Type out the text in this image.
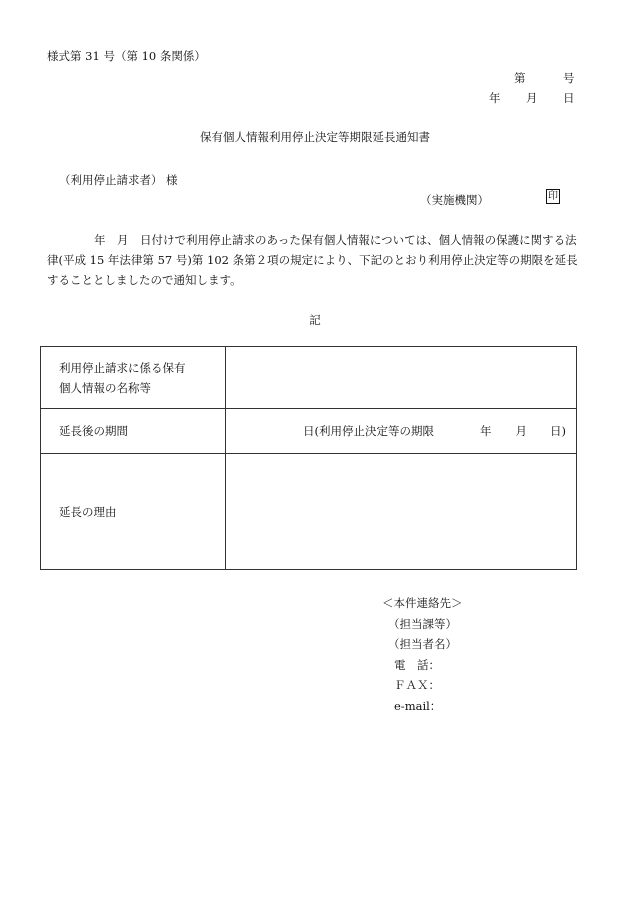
様式第 31 号（第 10 条関係）
第	号
年 月 日
保有個人情報利用停止決定等期限延長通知書
（利用停止請求者） 様
（実施機関）	印
年　月　日付けで利用停止請求のあった保有個人情報については、個人情報の保護に関する法律(平成 15 年法律第 57 号)第 102 条第２項の規定により、下記のとおり利用停止決定等の期限を延長することとしましたので通知します。
記
利用停止請求に係る保有
個人情報の名称等	

延長後の期間	日(利用停止決定等の期限 年 月 日)

延長の理由	
＜本件連絡先＞
（担当課等）
（担当者名）
電　話：
ＦＡＸ：
e-mail：
